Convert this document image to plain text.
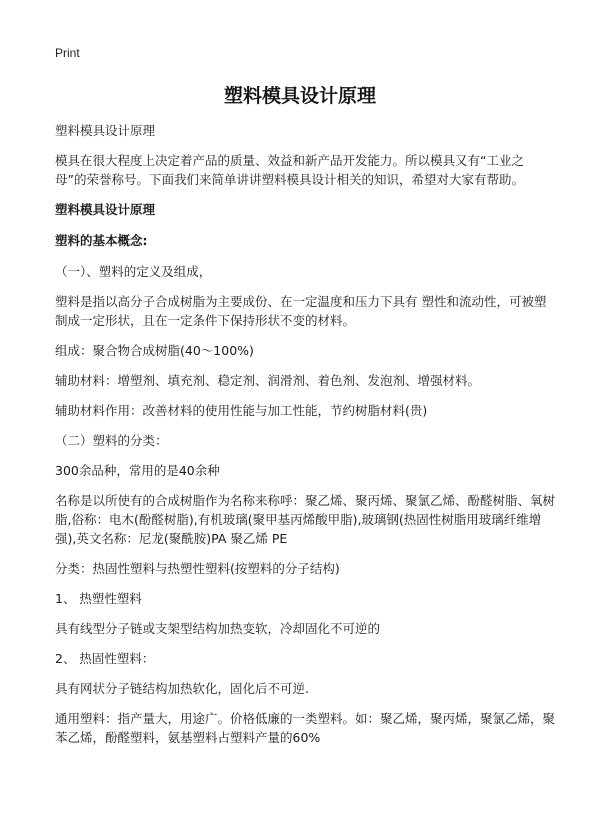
Print
塑料模具设计原理

塑料模具设计原理

模具在很大程度上决定着产品的质量、效益和新产品开发能力。所以模具又有“工业之母”的荣誉称号。下面我们来简单讲讲塑料模具设计相关的知识，希望对大家有帮助。

塑料模具设计原理

塑料的基本概念:

（一）、塑料的定义及组成，

塑料是指以高分子合成树脂为主要成份、在一定温度和压力下具有 塑性和流动性，可被塑制成一定形状，且在一定条件下保持形状不变的材料。

组成：聚合物合成树脂(40～100%)

辅助材料：增塑剂、填充剂、稳定剂、润滑剂、着色剂、发泡剂、增强材料。

辅助材料作用：改善材料的使用性能与加工性能，节约树脂材料(贵)

（二）塑料的分类：

300余品种，常用的是40余种

名称是以所使有的合成树脂作为名称来称呼：聚乙烯、聚丙烯、聚氯乙烯、酚醛树脂、氧树脂,俗称：电木(酚醛树脂),有机玻璃(聚甲基丙烯酸甲脂),玻璃钢(热固性树脂用玻璃纤维增强),英文名称：尼龙(聚酰胺)PA 聚乙烯 PE

分类：热固性塑料与热塑性塑料(按塑料的分子结构)

1、 热塑性塑料

具有线型分子链或支架型结构加热变软，冷却固化不可逆的

2、 热固性塑料：

具有网状分子链结构加热软化，固化后不可逆.

通用塑料：指产量大，用途广。价格低廉的一类塑料。如：聚乙烯，聚丙烯，聚氯乙烯，聚苯乙烯，酚醛塑料，氨基塑料占塑料产量的60%
